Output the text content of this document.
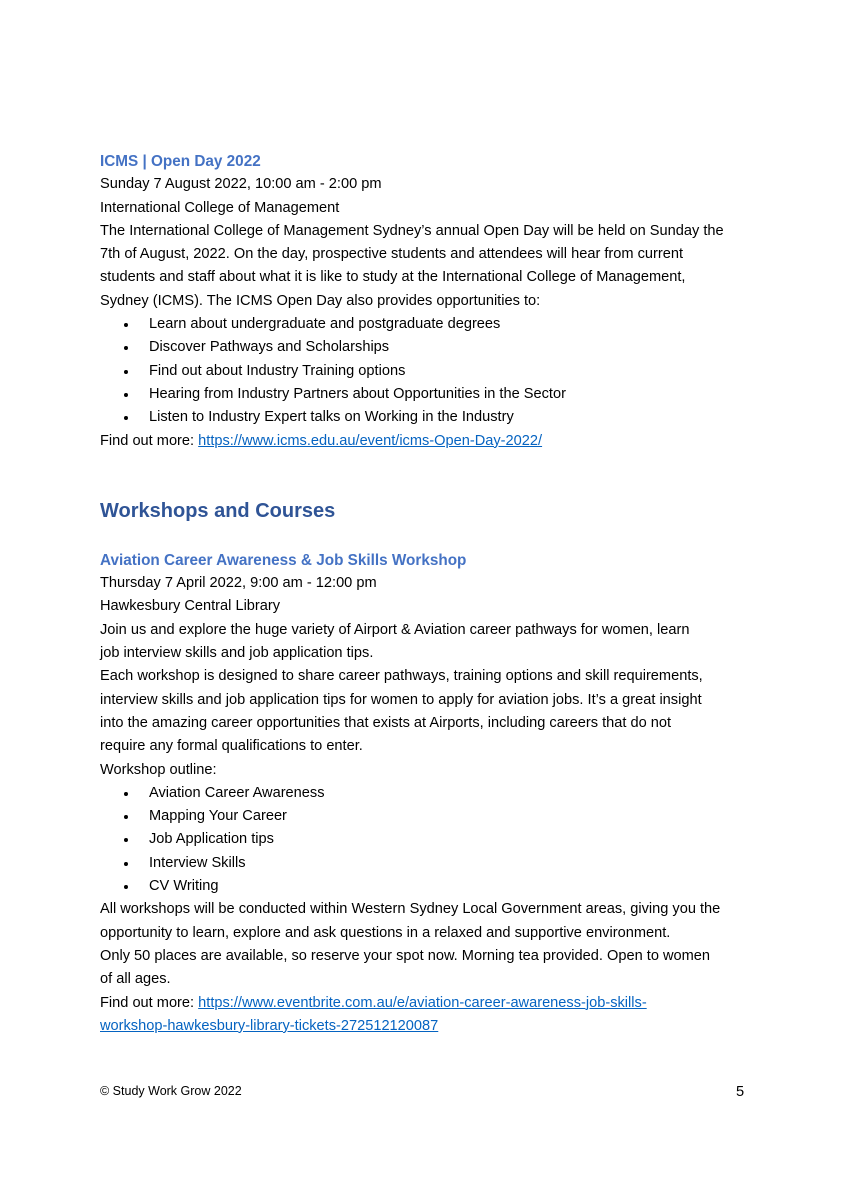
ICMS | Open Day 2022

Sunday 7 August 2022, 10:00 am - 2:00 pm

International College of Management

The International College of Management Sydney’s annual Open Day will be held on Sunday the

7th of August, 2022. On the day, prospective students and attendees will hear from current

students and staff about what it is like to study at the International College of Management,

Sydney (ICMS). The ICMS Open Day also provides opportunities to:

Learn about undergraduate and postgraduate degrees
Discover Pathways and Scholarships
Find out about Industry Training options
Hearing from Industry Partners about Opportunities in the Sector
Listen to Industry Expert talks on Working in the Industry

Find out more: https://www.icms.edu.au/event/icms-Open-Day-2022/

Workshops and Courses

Aviation Career Awareness & Job Skills Workshop

Thursday 7 April 2022, 9:00 am - 12:00 pm

Hawkesbury Central Library

Join us and explore the huge variety of Airport & Aviation career pathways for women, learn

job interview skills and job application tips.

Each workshop is designed to share career pathways, training options and skill requirements,

interview skills and job application tips for women to apply for aviation jobs. It’s a great insight

into the amazing career opportunities that exists at Airports, including careers that do not

require any formal qualifications to enter.

Workshop outline:

Aviation Career Awareness
Mapping Your Career
Job Application tips
Interview Skills
CV Writing

All workshops will be conducted within Western Sydney Local Government areas, giving you the

opportunity to learn, explore and ask questions in a relaxed and supportive environment.

Only 50 places are available, so reserve your spot now. Morning tea provided. Open to women

of all ages.

Find out more: https://www.eventbrite.com.au/e/aviation-career-awareness-job-skills-

workshop-hawkesbury-library-tickets-272512120087

© Study Work Grow 2022	5
